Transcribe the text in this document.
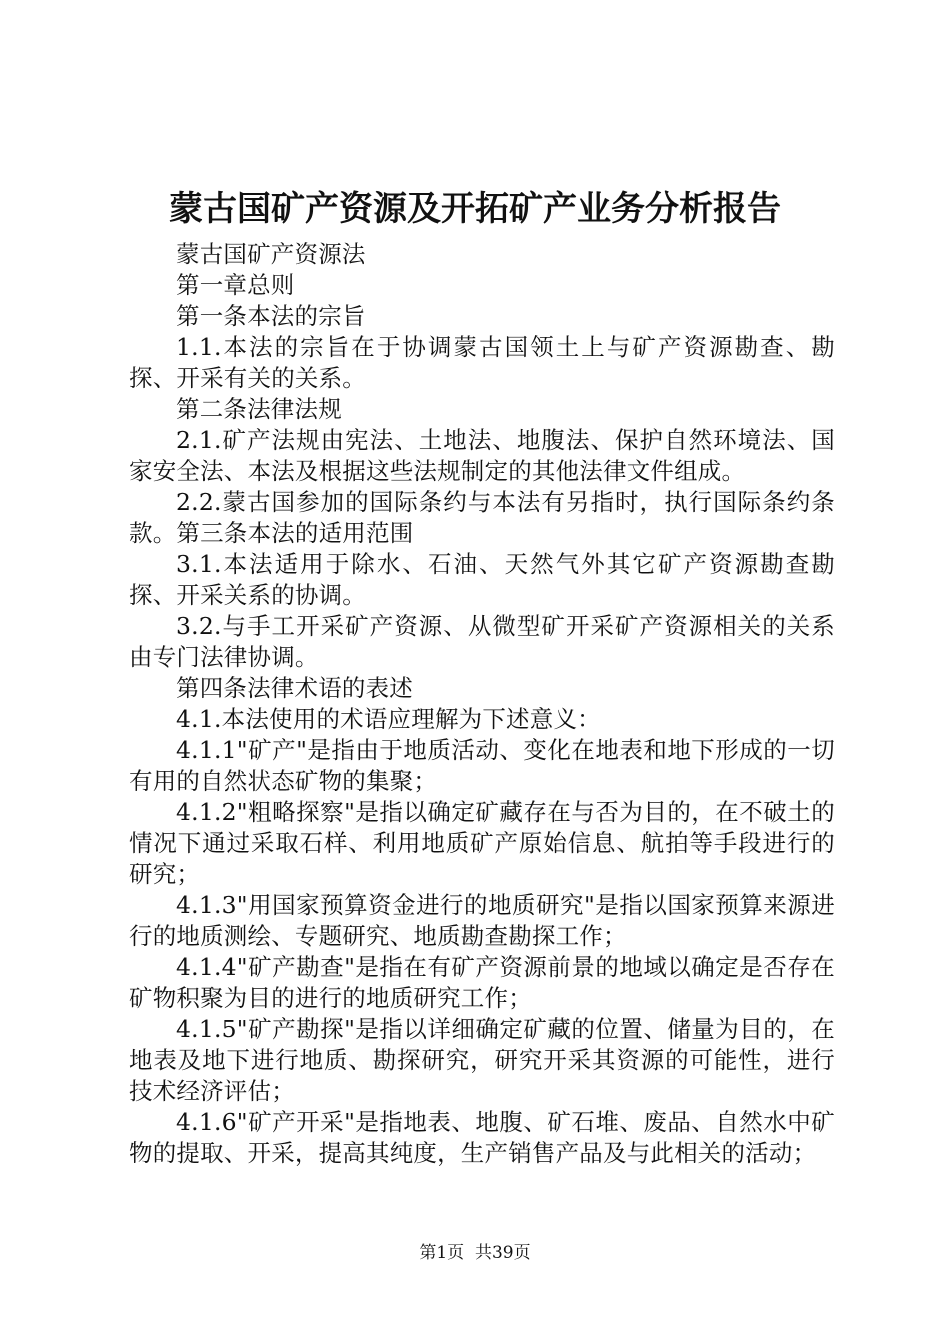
蒙古国矿产资源及开拓矿产业务分析报告

蒙古国矿产资源法

第一章总则

第一条本法的宗旨

1.1.本法的宗旨在于协调蒙古国领土上与矿产资源勘查、勘探、开采有关的关系。

第二条法律法规

2.1.矿产法规由宪法、土地法、地腹法、保护自然环境法、国家安全法、本法及根据这些法规制定的其他法律文件组成。

2.2.蒙古国参加的国际条约与本法有另指时，执行国际条约条款。第三条本法的适用范围

3.1.本法适用于除水、石油、天然气外其它矿产资源勘查勘探、开采关系的协调。

3.2.与手工开采矿产资源、从微型矿开采矿产资源相关的关系由专门法律协调。

第四条法律术语的表述

4.1.本法使用的术语应理解为下述意义：

4.1.1"矿产"是指由于地质活动、变化在地表和地下形成的一切有用的自然状态矿物的集聚；

4.1.2"粗略探察"是指以确定矿藏存在与否为目的，在不破土的情况下通过采取石样、利用地质矿产原始信息、航拍等手段进行的研究；

4.1.3"用国家预算资金进行的地质研究"是指以国家预算来源进行的地质测绘、专题研究、地质勘查勘探工作；

4.1.4"矿产勘查"是指在有矿产资源前景的地域以确定是否存在矿物积聚为目的进行的地质研究工作；

4.1.5"矿产勘探"是指以详细确定矿藏的位置、储量为目的，在地表及地下进行地质、勘探研究，研究开采其资源的可能性，进行技术经济评估；

4.1.6"矿产开采"是指地表、地腹、矿石堆、废品、自然水中矿物的提取、开采，提高其纯度，生产销售产品及与此相关的活动；

第1页  共39页
